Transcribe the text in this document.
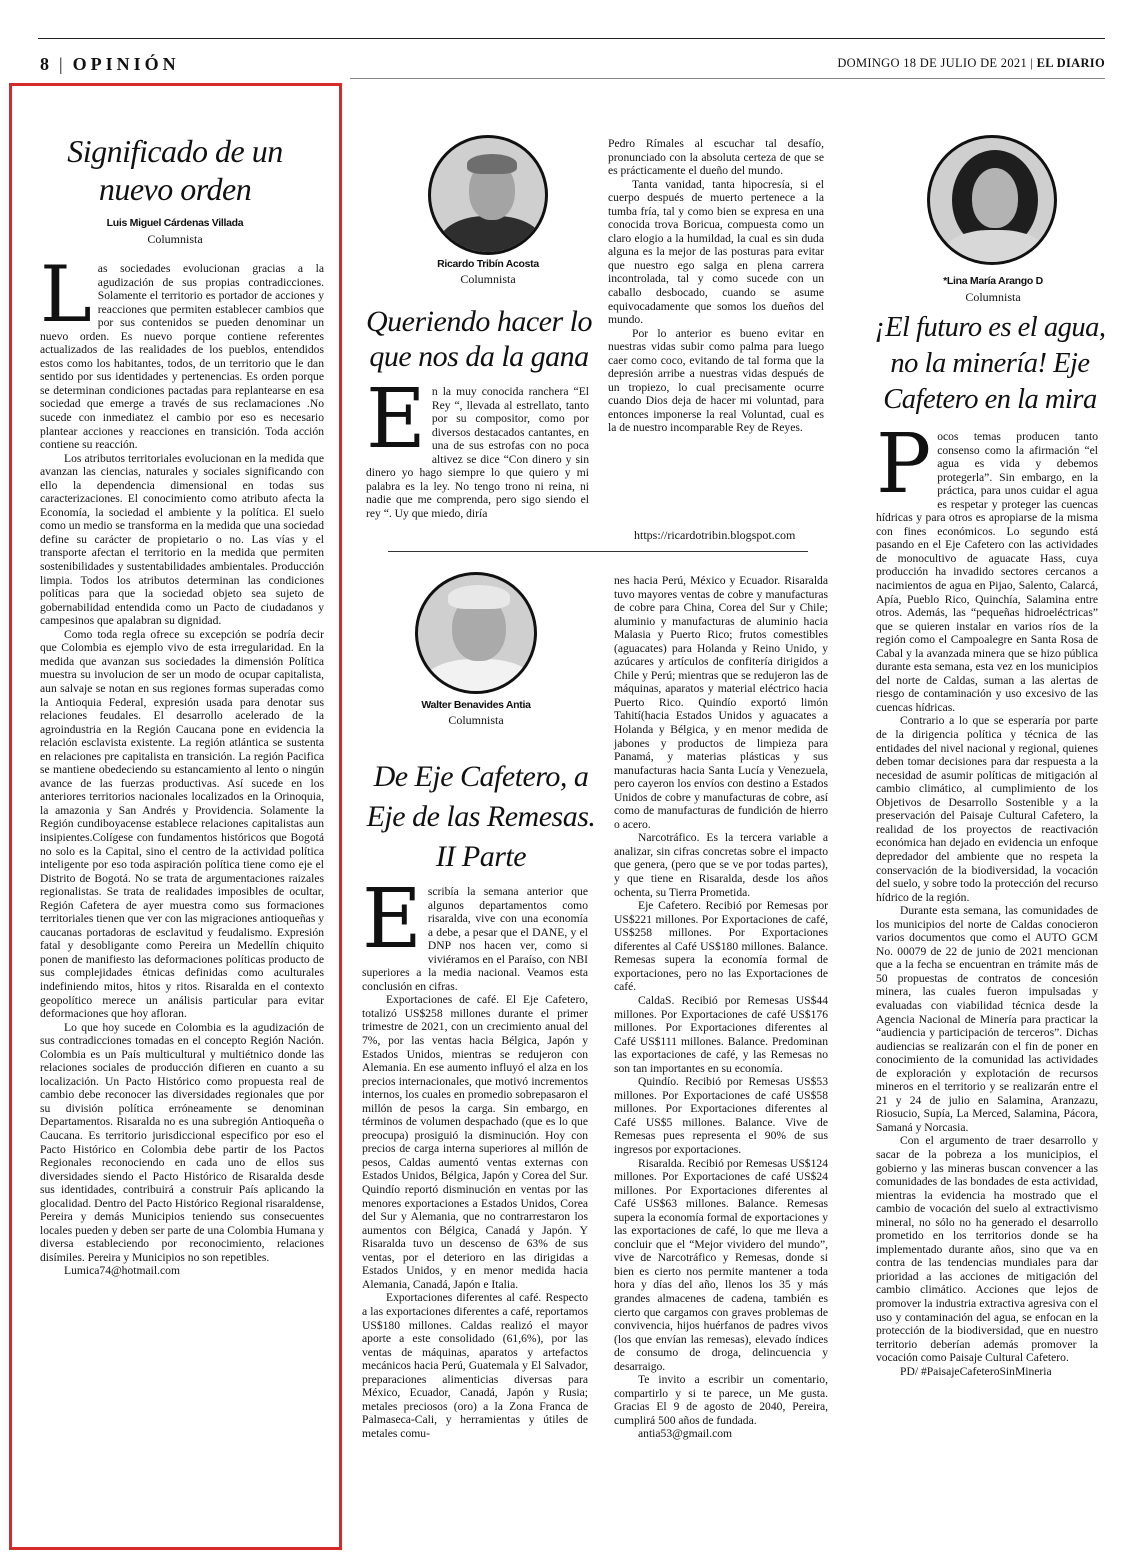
8 | OPINIÓN	DOMINGO 18 DE JULIO DE 2021 | EL DIARIO
Significado de un
nuevo orden
Luis Miguel Cárdenas Villada
Columnista

Las sociedades evolucionan gracias a la agudización de sus propias contradicciones. Solamente el territorio es portador de acciones y reacciones que permiten establecer cambios que por sus contenidos se pueden denominar un nuevo orden. Es nuevo porque contiene referentes actualizados de las realidades de los pueblos, entendidos estos como los habitantes, todos, de un territorio que le dan sentido por sus identidades y pertenencias. Es orden porque se determinan condiciones pactadas para replantearse en esa sociedad que emerge a través de sus reclamaciones .No sucede con inmediatez el cambio por eso es necesario plantear acciones y reacciones en transición. Toda acción contiene su reacción.

Los atributos territoriales evolucionan en la medida que avanzan las ciencias, naturales y sociales significando con ello la dependencia dimensional en todas sus caracterizaciones. El conocimiento como atributo afecta la Economía, la sociedad el ambiente y la política. El suelo como un medio se transforma en la medida que una sociedad define su carácter de propietario o no. Las vías y el transporte afectan el territorio en la medida que permiten sostenibilidades y sustentabilidades ambientales. Producción limpia. Todos los atributos determinan las condiciones políticas para que la sociedad objeto sea sujeto de gobernabilidad entendida como un Pacto de ciudadanos y campesinos que apalabran su dignidad.

Como toda regla ofrece su excepción se podría decir que Colombia es ejemplo vivo de esta irregularidad. En la medida que avanzan sus sociedades la dimensión Política muestra su involucion de ser un modo de ocupar capitalista, aun salvaje se notan en sus regiones formas superadas como la Antioquia Federal, expresión usada para denotar sus relaciones feudales. El desarrollo acelerado de la agroindustria en la Región Caucana pone en evidencia la relación esclavista existente. La región atlántica se sustenta en relaciones pre capitalista en transición. La región Pacifica se mantiene obedeciendo su estancamiento al lento o ningún avance de las fuerzas productivas. Así sucede en los anteriores territorios nacionales localizados en la Orinoquia, la amazonia y San Andrés y Providencia. Solamente la Región cundiboyacense establece relaciones capitalistas aun insipientes.Colígese con fundamentos históricos que Bogotá no solo es la Capital, sino el centro de la actividad política inteligente por eso toda aspiración política tiene como eje el Distrito de Bogotá. No se trata de argumentaciones raizales regionalistas. Se trata de realidades imposibles de ocultar, Región Cafetera de ayer muestra como sus formaciones territoriales tienen que ver con las migraciones antioqueñas y caucanas portadoras de esclavitud y feudalismo. Expresión fatal y desobligante como Pereira un Medellín chiquito ponen de manifiesto las deformaciones políticas producto de sus complejidades étnicas definidas como aculturales indefiniendo mitos, hitos y ritos. Risaralda en el contexto geopolítico merece un análisis particular para evitar deformaciones que hoy afloran.

Lo que hoy sucede en Colombia es la agudización de sus contradicciones tomadas en el concepto Región Nación. Colombia es un País multicultural y multiétnico donde las relaciones sociales de producción difieren en cuanto a su localización. Un Pacto Histórico como propuesta real de cambio debe reconocer las diversidades regionales que por su división política erróneamente se denominan Departamentos. Risaralda no es una subregión Antioqueña o Caucana. Es territorio jurisdiccional especifico por eso el Pacto Histórico en Colombia debe partir de los Pactos Regionales reconociendo en cada uno de ellos sus diversidades siendo el Pacto Histórico de Risaralda desde sus identidades, contribuirá a construir País aplicando la glocalidad. Dentro del Pacto Histórico Regional risaraldense, Pereira y demás Municipios teniendo sus consecuentes locales pueden y deben ser parte de una Colombia Humana y diversa estableciendo por reconocimiento, relaciones disímiles. Pereira y Municipios no son repetibles.

Lumica74@hotmail.com

Ricardo Tribín Acosta
Columnista
Queriendo hacer lo
que nos da la gana

En la muy conocida ranchera “El Rey “, llevada al estrellato, tanto por su compositor, como por diversos destacados cantantes, en una de sus estrofas con no poca altivez se dice “Con dinero y sin dinero yo hago siempre lo que quiero y mi palabra es la ley. No tengo trono ni reina, ni nadie que me comprenda, pero sigo siendo el rey “. Uy que miedo, diría

Pedro Rímales al escuchar tal desafío, pronunciado con la absoluta certeza de que se es prácticamente el dueño del mundo.

Tanta vanidad, tanta hipocresía, si el cuerpo después de muerto pertenece a la tumba fría, tal y como bien se expresa en una conocida trova Boricua, compuesta como un claro elogio a la humildad, la cual es sin duda alguna es la mejor de las posturas para evitar que nuestro ego salga en plena carrera incontrolada, tal y como sucede con un caballo desbocado, cuando se asume equivocadamente que somos los dueños del mundo.

Por lo anterior es bueno evitar en nuestras vidas subir como palma para luego caer como coco, evitando de tal forma que la depresión arribe a nuestras vidas después de un tropiezo, lo cual precisamente ocurre cuando Dios deja de hacer mi voluntad, para entonces imponerse la real Voluntad, cual es la de nuestro incomparable Rey de Reyes.

https://ricardotribin.blogspot.com
Walter Benavides Antia
Columnista
De Eje Cafetero, a
Eje de las Remesas.
II Parte

Escribía la semana anterior que algunos departamentos como risaralda, vive con una economía a debe, a pesar que el DANE, y el DNP nos hacen ver, como si viviéramos en el Paraíso, con NBI superiores a la media nacional. Veamos esta conclusión en cifras.

Exportaciones de café. El Eje Cafetero, totalizó US$258 millones durante el primer trimestre de 2021, con un crecimiento anual del 7%, por las ventas hacia Bélgica, Japón y Estados Unidos, mientras se redujeron con Alemania. En ese aumento influyó el alza en los precios internacionales, que motivó incrementos internos, los cuales en promedio sobrepasaron el millón de pesos la carga. Sin embargo, en términos de volumen despachado (que es lo que preocupa) prosiguió la disminución. Hoy con precios de carga interna superiores al millón de pesos, Caldas aumentó ventas externas con Estados Unidos, Bélgica, Japón y Corea del Sur. Quindío reportó disminución en ventas por las menores exportaciones a Estados Unidos, Corea del Sur y Alemania, que no contrarrestaron los aumentos con Bélgica, Canadá y Japón. Y Risaralda tuvo un descenso de 63% de sus ventas, por el deterioro en las dirigidas a Estados Unidos, y en menor medida hacia Alemania, Canadá, Japón e Italia.

Exportaciones diferentes al café. Respecto a las exportaciones diferentes a café, reportamos US$180 millones. Caldas realizó el mayor aporte a este consolidado (61,6%), por las ventas de máquinas, aparatos y artefactos mecánicos hacia Perú, Guatemala y El Salvador, preparaciones alimenticias diversas para México, Ecuador, Canadá, Japón y Rusia; metales preciosos (oro) a la Zona Franca de Palmaseca-Cali, y herramientas y útiles de metales comu-

nes hacia Perú, México y Ecuador. Risaralda tuvo mayores ventas de cobre y manufacturas de cobre para China, Corea del Sur y Chile; aluminio y manufacturas de aluminio hacia Malasia y Puerto Rico; frutos comestibles (aguacates) para Holanda y Reino Unido, y azúcares y artículos de confitería dirigidos a Chile y Perú; mientras que se redujeron las de máquinas, aparatos y material eléctrico hacia Puerto Rico. Quindío exportó limón Tahití(hacia Estados Unidos y aguacates a Holanda y Bélgica, y en menor medida de jabones y productos de limpieza para Panamá, y materias plásticas y sus manufacturas hacia Santa Lucía y Venezuela, pero cayeron los envíos con destino a Estados Unidos de cobre y manufacturas de cobre, así como de manufacturas de fundición de hierro o acero.

Narcotráfico. Es la tercera variable a analizar, sin cifras concretas sobre el impacto que genera, (pero que se ve por todas partes), y que tiene en Risaralda, desde los años ochenta, su Tierra Prometida.

Eje Cafetero. Recibió por Remesas por US$221 millones. Por Exportaciones de café, US$258 millones. Por Exportaciones diferentes al Café US$180 millones. Balance. Remesas supera la economía formal de exportaciones, pero no las Exportaciones de café.

CaldaS. Recibió por Remesas US$44 millones. Por Exportaciones de café US$176 millones. Por Exportaciones diferentes al Café US$111 millones. Balance. Predominan las exportaciones de café, y las Remesas no son tan importantes en su economía.

Quindío. Recibió por Remesas US$53 millones. Por Exportaciones de café US$58 millones. Por Exportaciones diferentes al Café US$5 millones. Balance. Vive de Remesas pues representa el 90% de sus ingresos por exportaciones.

Risaralda. Recibió por Remesas US$124 millones. Por Exportaciones de café US$24 millones. Por Exportaciones diferentes al Café US$63 millones. Balance. Remesas supera la economía formal de exportaciones y las exportaciones de café, lo que me lleva a concluir que el “Mejor vividero del mundo”, vive de Narcotráfico y Remesas, donde si bien es cierto nos permite mantener a toda hora y días del año, llenos los 35 y más grandes almacenes de cadena, también es cierto que cargamos con graves problemas de convivencia, hijos huérfanos de padres vivos (los que envían las remesas), elevado índices de consumo de droga, delincuencia y desarraigo.

Te invito a escribir un comentario, compartirlo y si te parece, un Me gusta. Gracias El 9 de agosto de 2040, Pereira, cumplirá 500 años de fundada.

antia53@gmail.com

*Lina María Arango D
Columnista
¡El futuro es el agua,
no la minería! Eje
Cafetero en la mira

Pocos temas producen tanto consenso como la afirmación “el agua es vida y debemos protegerla”. Sin embargo, en la práctica, para unos cuidar el agua es respetar y proteger las cuencas hídricas y para otros es apropiarse de la misma con fines económicos. Lo segundo está pasando en el Eje Cafetero con las actividades de monocultivo de aguacate Hass, cuya producción ha invadido sectores cercanos a nacimientos de agua en Pijao, Salento, Calarcá, Apía, Pueblo Rico, Quinchía, Salamina entre otros. Además, las “pequeñas hidroeléctricas” que se quieren instalar en varios ríos de la región como el Campoalegre en Santa Rosa de Cabal y la avanzada minera que se hizo pública durante esta semana, esta vez en los municipios del norte de Caldas, suman a las alertas de riesgo de contaminación y uso excesivo de las cuencas hídricas.

Contrario a lo que se esperaría por parte de la dirigencia política y técnica de las entidades del nivel nacional y regional, quienes deben tomar decisiones para dar respuesta a la necesidad de asumir políticas de mitigación al cambio climático, al cumplimiento de los Objetivos de Desarrollo Sostenible y a la preservación del Paisaje Cultural Cafetero, la realidad de los proyectos de reactivación económica han dejado en evidencia un enfoque depredador del ambiente que no respeta la conservación de la biodiversidad, la vocación del suelo, y sobre todo la protección del recurso hídrico de la región.

Durante esta semana, las comunidades de los municipios del norte de Caldas conocieron varios documentos que como el AUTO GCM No. 00079 de 22 de junio de 2021 mencionan que a la fecha se encuentran en trámite más de 50 propuestas de contratos de concesión minera, las cuales fueron impulsadas y evaluadas con viabilidad técnica desde la Agencia Nacional de Minería para practicar la “audiencia y participación de terceros”. Dichas audiencias se realizarán con el fin de poner en conocimiento de la comunidad las actividades de exploración y explotación de recursos mineros en el territorio y se realizarán entre el 21 y 24 de julio en Salamina, Aranzazu, Riosucio, Supía, La Merced, Salamina, Pácora, Samaná y Norcasia.

Con el argumento de traer desarrollo y sacar de la pobreza a los municipios, el gobierno y las mineras buscan convencer a las comunidades de las bondades de esta actividad, mientras la evidencia ha mostrado que el cambio de vocación del suelo al extractivismo mineral, no sólo no ha generado el desarrollo prometido en los territorios donde se ha implementado durante años, sino que va en contra de las tendencias mundiales para dar prioridad a las acciones de mitigación del cambio climático. Acciones que lejos de promover la industria extractiva agresiva con el uso y contaminación del agua, se enfocan en la protección de la biodiversidad, que en nuestro territorio deberían además promover la vocación como Paisaje Cultural Cafetero.

PD/ #PaisajeCafeteroSinMineria
